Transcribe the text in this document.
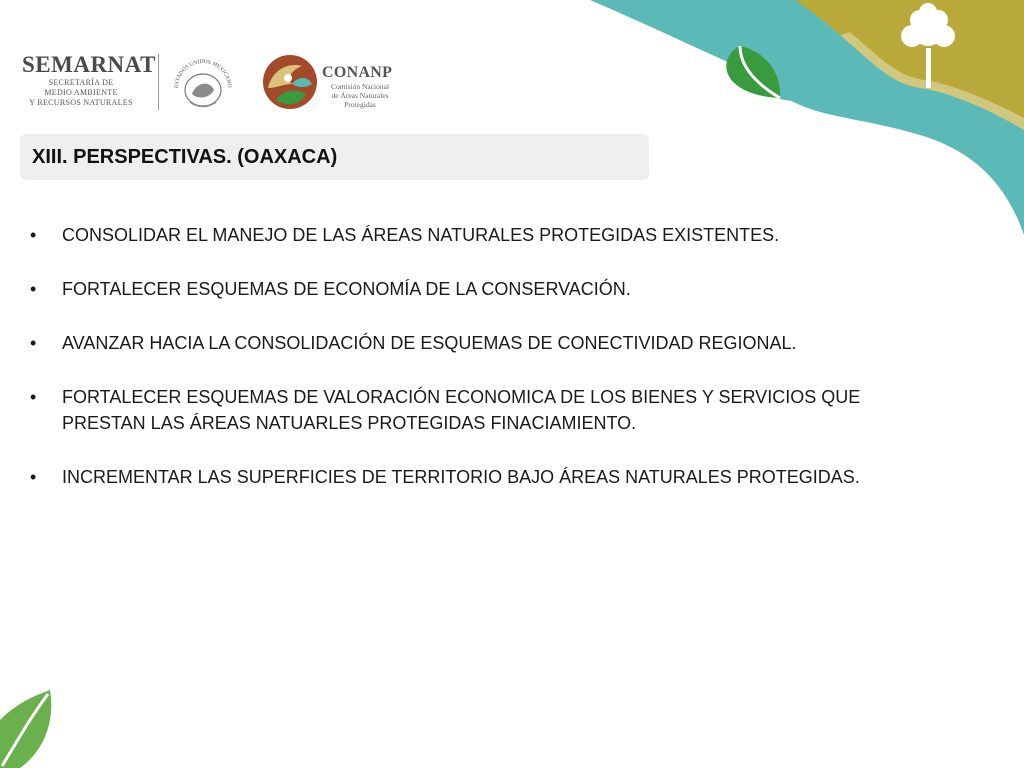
SEMARNAT
SECRETARÍA DE
MEDIO AMBIENTE
Y RECURSOS NATURALES
ESTADOS UNIDOS MEXICANO
CONANP
Comisión Nacional
de Áreas Naturales
Protegidas
XIII. PERSPECTIVAS. (OAXACA)
•	CONSOLIDAR EL MANEJO DE LAS ÁREAS NATURALES PROTEGIDAS EXISTENTES.
•	FORTALECER ESQUEMAS DE ECONOMÍA DE LA CONSERVACIÓN.
•	AVANZAR HACIA LA CONSOLIDACIÓN DE ESQUEMAS DE CONECTIVIDAD REGIONAL.
•	FORTALECER ESQUEMAS DE VALORACIÓN ECONOMICA DE LOS BIENES Y SERVICIOS QUE PRESTAN LAS ÁREAS NATUARLES PROTEGIDAS FINACIAMIENTO.
•	INCREMENTAR LAS SUPERFICIES DE TERRITORIO BAJO ÁREAS NATURALES PROTEGIDAS.
